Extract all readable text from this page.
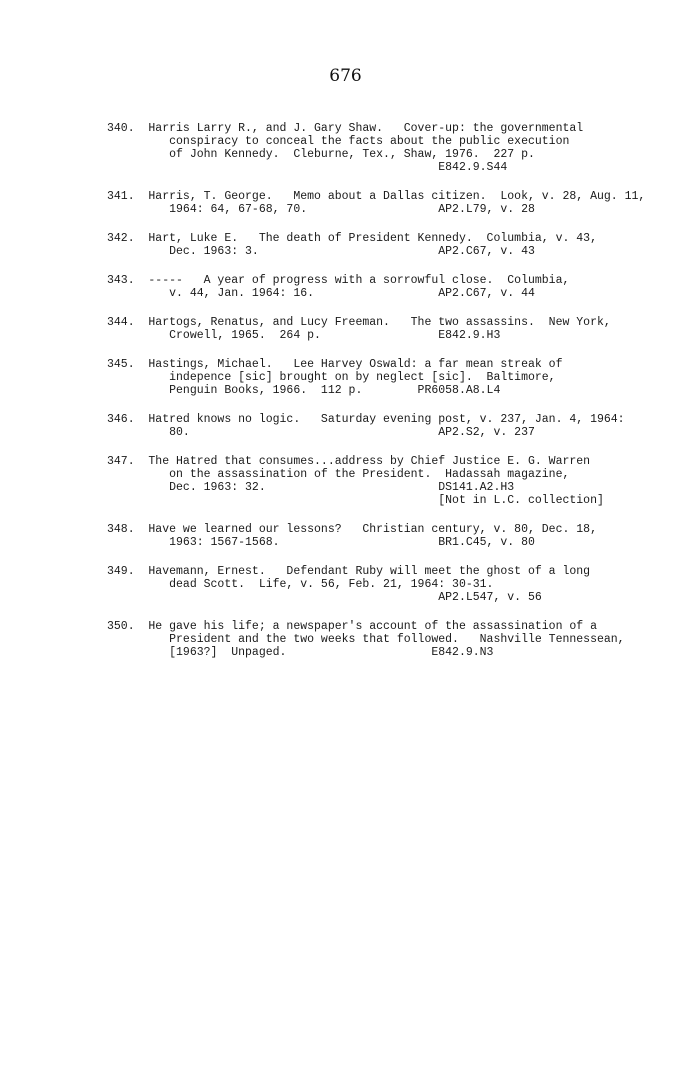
676
340.  Harris Larry R., and J. Gary Shaw.   Cover-up: the governmental
conspiracy to conceal the facts about the public execution
of John Kennedy.  Cleburne, Tex., Shaw, 1976.  227 p.
E842.9.S44
341.  Harris, T. George.   Memo about a Dallas citizen.  Look, v. 28, Aug. 11,
1964: 64, 67-68, 70.                   AP2.L79, v. 28
342.  Hart, Luke E.   The death of President Kennedy.  Columbia, v. 43,
Dec. 1963: 3.                          AP2.C67, v. 43
343.  -----   A year of progress with a sorrowful close.  Columbia,
v. 44, Jan. 1964: 16.                  AP2.C67, v. 44
344.  Hartogs, Renatus, and Lucy Freeman.   The two assassins.  New York,
Crowell, 1965.  264 p.                 E842.9.H3
345.  Hastings, Michael.   Lee Harvey Oswald: a far mean streak of
indepence [sic] brought on by neglect [sic].  Baltimore,
Penguin Books, 1966.  112 p.        PR6058.A8.L4
346.  Hatred knows no logic.   Saturday evening post, v. 237, Jan. 4, 1964:
80.                                    AP2.S2, v. 237
347.  The Hatred that consumes...address by Chief Justice E. G. Warren
on the assassination of the President.  Hadassah magazine,
Dec. 1963: 32.                         DS141.A2.H3
[Not in L.C. collection]
348.  Have we learned our lessons?   Christian century, v. 80, Dec. 18,
1963: 1567-1568.                       BR1.C45, v. 80
349.  Havemann, Ernest.   Defendant Ruby will meet the ghost of a long
dead Scott.  Life, v. 56, Feb. 21, 1964: 30-31.
AP2.L547, v. 56
350.  He gave his life; a newspaper's account of the assassination of a
President and the two weeks that followed.   Nashville Tennessean,
[1963?]  Unpaged.                     E842.9.N3
